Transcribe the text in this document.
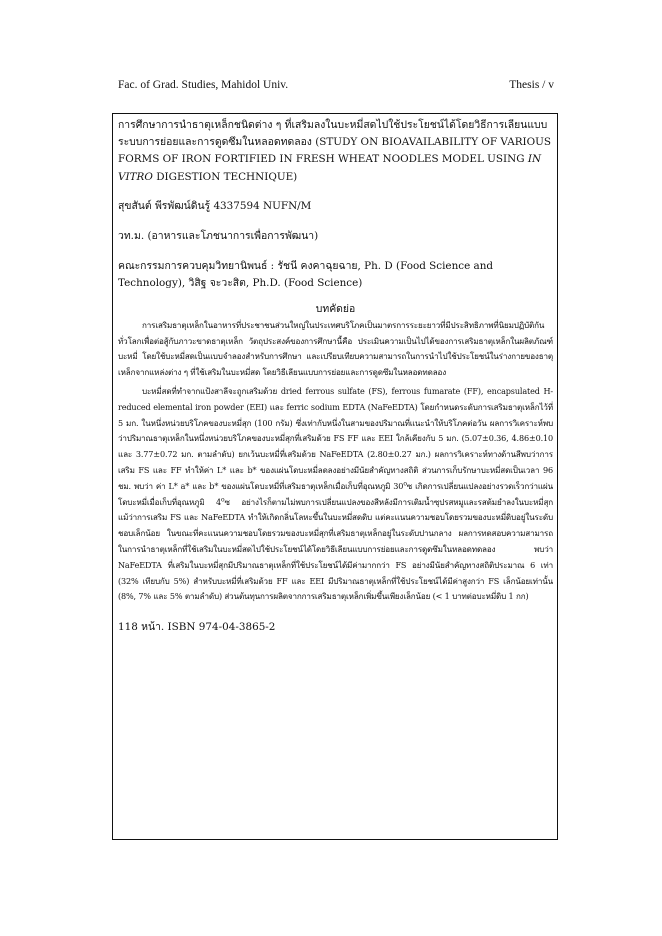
Fac. of Grad. Studies, Mahidol Univ.	Thesis / v

การศึกษาการนำธาตุเหล็กชนิดต่าง ๆ ที่เสริมลงในบะหมี่สดไปใช้ประโยชน์ได้โดยวิธีการเลียนแบบระบบการย่อยและการดูดซึมในหลอดทดลอง (STUDY ON BIOAVAILABILITY OF VARIOUS FORMS OF IRON FORTIFIED IN FRESH WHEAT NOODLES MODEL USING IN VITRO DIGESTION TECHNIQUE)

สุขสันต์ พีรพัฒน์ดินรู้ 4337594 NUFN/M

วท.ม. (อาหารและโภชนาการเพื่อการพัฒนา)

คณะกรรมการควบคุมวิทยานิพนธ์ : รัชนี คงคาฉุยฉาย, Ph. D (Food Science and Technology), วิสิฐ จะวะสิต, Ph.D. (Food Science)

บทคัดย่อ

การเสริมธาตุเหล็กในอาหารที่ประชาชนส่วนใหญ่ในประเทศบริโภคเป็นมาตรการระยะยาวที่มีประสิทธิภาพที่นิยมปฏิบัติกันทั่วโลกเพื่อต่อสู้กับภาวะขาดธาตุเหล็ก วัตถุประสงค์ของการศึกษานี้คือ ประเมินความเป็นไปได้ของการเสริมธาตุเหล็กในผลิตภัณฑ์บะหมี่ โดยใช้บะหมี่สดเป็นแบบจำลองสำหรับการศึกษา และเปรียบเทียบความสามารถในการนำไปใช้ประโยชน์ในร่างกายของธาตุเหล็กจากแหล่งต่าง ๆ ที่ใช้เสริมในบะหมี่สด โดยวิธีเลียนแบบการย่อยและการดูดซึมในหลอดทดลอง

บะหมี่สดที่ทำจากแป้งสาลีจะถูกเสริมด้วย dried ferrous sulfate (FS), ferrous fumarate (FF), encapsulated H-reduced elemental iron powder (EEI) และ ferric sodium EDTA (NaFeEDTA) โดยกำหนดระดับการเสริมธาตุเหล็กไว้ที่ 5 มก. ในหนึ่งหน่วยบริโภคของบะหมี่สุก (100 กรัม) ซึ่งเท่ากับหนึ่งในสามของปริมาณที่แนะนำให้บริโภคต่อวัน ผลการวิเคราะห์พบว่าปริมาณธาตุเหล็กในหนึ่งหน่วยบริโภคของบะหมี่สุกที่เสริมด้วย FS FF และ EEI ใกล้เคียงกับ 5 มก. (5.07±0.36, 4.86±0.10 และ 3.77±0.72 มก. ตามลำดับ) ยกเว้นบะหมี่ที่เสริมด้วย NaFeEDTA (2.80±0.27 มก.) ผลการวิเคราะห์ทางด้านสีพบว่าการเสริม FS และ FF ทำให้ค่า L* และ b* ของแผ่นโดบะหมี่ลดลงอย่างมีนัยสำคัญทางสถิติ ส่วนการเก็บรักษาบะหมี่สดเป็นเวลา 96 ชม. พบว่า ค่า L* a* และ b* ของแผ่นโดบะหมี่ที่เสริมธาตุเหล็กเมื่อเก็บที่อุณหภูมิ 30$^o$ซ เกิดการเปลี่ยนแปลงอย่างรวดเร็วกว่าแผ่นโดบะหมี่เมื่อเก็บที่อุณหภูมิ 4$^o$ซ อย่างไรก็ตามไม่พบการเปลี่ยนแปลงของสีหลังมีการเติมน้ำซุปรสหมูและรสต้มยำลงในบะหมี่สุก แม้ว่าการเสริม FS และ NaFeEDTA ทำให้เกิดกลิ่นโลหะขึ้นในบะหมี่สดดิบ แต่คะแนนความชอบโดยรวมของบะหมี่ดิบอยู่ในระดับชอบเล็กน้อย ในขณะที่คะแนนความชอบโดยรวมของบะหมี่สุกที่เสริมธาตุเหล็กอยู่ในระดับปานกลาง ผลการทดสอบความสามารถในการนำธาตุเหล็กที่ใช้เสริมในบะหมี่สดไปใช้ประโยชน์ได้โดยวิธีเลียนแบบการย่อยและการดูดซึมในหลอดทดลอง พบว่า NaFeEDTA ที่เสริมในบะหมี่สุกมีปริมาณธาตุเหล็กที่ใช้ประโยชน์ได้มีค่ามากกว่า FS อย่างมีนัยสำคัญทางสถิติประมาณ 6 เท่า (32% เทียบกับ 5%) สำหรับบะหมี่ที่เสริมด้วย FF และ EEI มีปริมาณธาตุเหล็กที่ใช้ประโยชน์ได้มีค่าสูงกว่า FS เล็กน้อยเท่านั้น (8%, 7% และ 5% ตามลำดับ) ส่วนต้นทุนการผลิตจากการเสริมธาตุเหล็กเพิ่มขึ้นเพียงเล็กน้อย (< 1 บาทต่อบะหมี่ดิบ 1 กก)

118 หน้า. ISBN 974-04-3865-2
